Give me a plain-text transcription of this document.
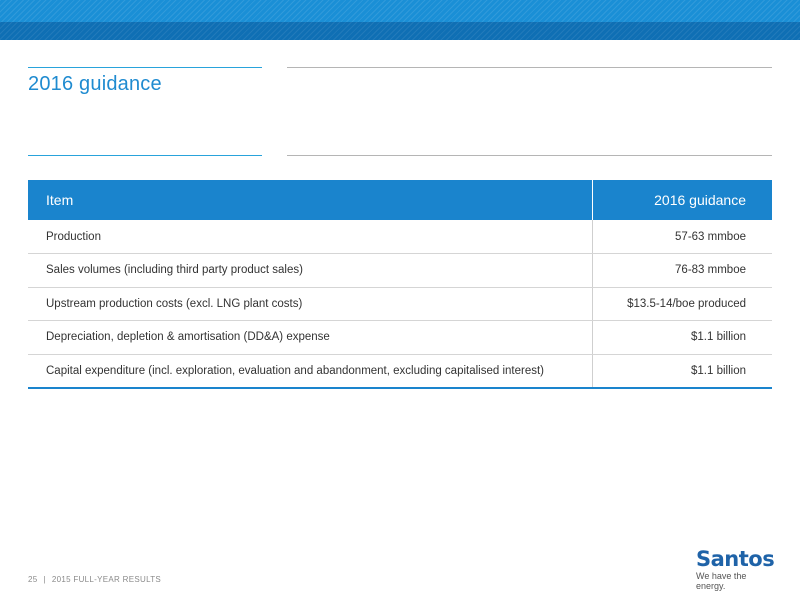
2016 guidance
Item	2016 guidance
Production	57-63 mmboe
Sales volumes (including third party product sales)	76-83 mmboe
Upstream production costs (excl. LNG plant costs)	$13.5-14/boe produced
Depreciation, depletion & amortisation (DD&A) expense	$1.1 billion
Capital expenditure (incl. exploration, evaluation and abandonment, excluding capitalised interest)	$1.1 billion
25 | 2015 FULL-YEAR RESULTS
Santos
We have the energy.
